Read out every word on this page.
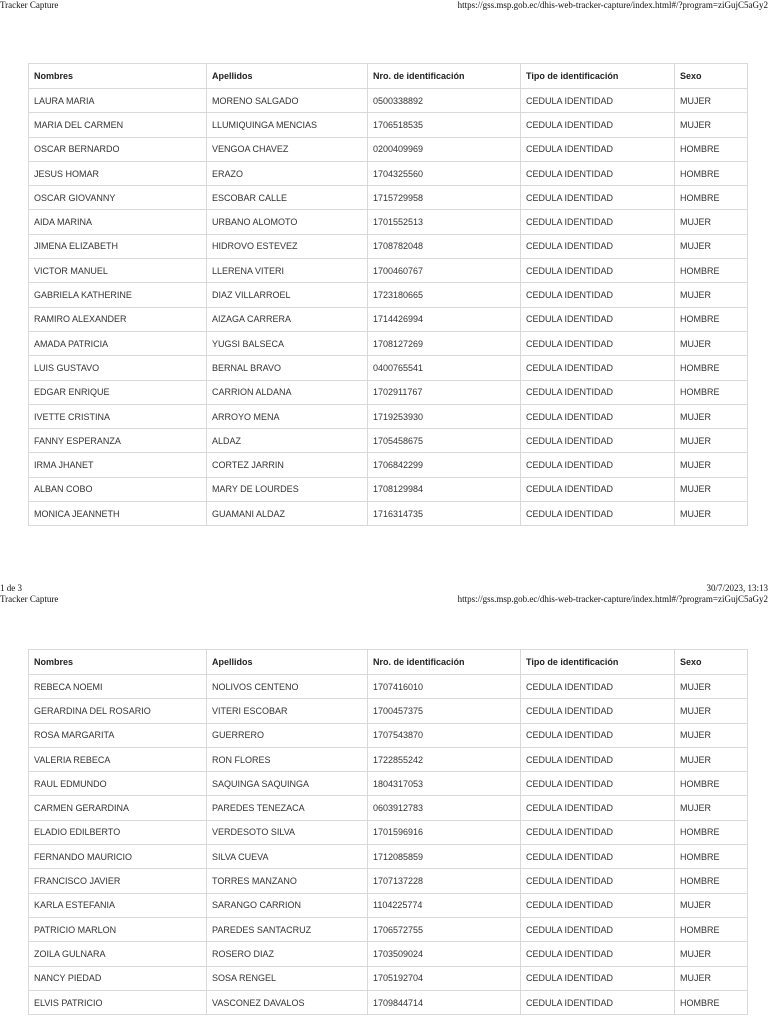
Tracker Capture	https://gss.msp.gob.ec/dhis-web-tracker-capture/index.html#/?program=ziGujC5aGy2
Nombres	Apellidos	Nro. de identificación	Tipo de identificación	Sexo
LAURA MARIA	MORENO SALGADO	0500338892	CEDULA IDENTIDAD	MUJER
MARIA DEL CARMEN	LLUMIQUINGA MENCIAS	1706518535	CEDULA IDENTIDAD	MUJER
OSCAR BERNARDO	VENGOA CHAVEZ	0200409969	CEDULA IDENTIDAD	HOMBRE
JESUS HOMAR	ERAZO	1704325560	CEDULA IDENTIDAD	HOMBRE
OSCAR GIOVANNY	ESCOBAR CALLE	1715729958	CEDULA IDENTIDAD	HOMBRE
AIDA MARINA	URBANO ALOMOTO	1701552513	CEDULA IDENTIDAD	MUJER
JIMENA ELIZABETH	HIDROVO ESTEVEZ	1708782048	CEDULA IDENTIDAD	MUJER
VICTOR MANUEL	LLERENA VITERI	1700460767	CEDULA IDENTIDAD	HOMBRE
GABRIELA KATHERINE	DIAZ VILLARROEL	1723180665	CEDULA IDENTIDAD	MUJER
RAMIRO ALEXANDER	AIZAGA CARRERA	1714426994	CEDULA IDENTIDAD	HOMBRE
AMADA PATRICIA	YUGSI BALSECA	1708127269	CEDULA IDENTIDAD	MUJER
LUIS GUSTAVO	BERNAL BRAVO	0400765541	CEDULA IDENTIDAD	HOMBRE
EDGAR ENRIQUE	CARRION ALDANA	1702911767	CEDULA IDENTIDAD	HOMBRE
IVETTE CRISTINA	ARROYO MENA	1719253930	CEDULA IDENTIDAD	MUJER
FANNY ESPERANZA	ALDAZ	1705458675	CEDULA IDENTIDAD	MUJER
IRMA JHANET	CORTEZ JARRIN	1706842299	CEDULA IDENTIDAD	MUJER
ALBAN COBO	MARY DE LOURDES	1708129984	CEDULA IDENTIDAD	MUJER
MONICA JEANNETH	GUAMANI ALDAZ	1716314735	CEDULA IDENTIDAD	MUJER
1 de 3	30/7/2023, 13:13
Tracker Capture	https://gss.msp.gob.ec/dhis-web-tracker-capture/index.html#/?program=ziGujC5aGy2
Nombres	Apellidos	Nro. de identificación	Tipo de identificación	Sexo
REBECA NOEMI	NOLIVOS CENTENO	1707416010	CEDULA IDENTIDAD	MUJER
GERARDINA DEL ROSARIO	VITERI ESCOBAR	1700457375	CEDULA IDENTIDAD	MUJER
ROSA MARGARITA	GUERRERO	1707543870	CEDULA IDENTIDAD	MUJER
VALERIA REBECA	RON FLORES	1722855242	CEDULA IDENTIDAD	MUJER
RAUL EDMUNDO	SAQUINGA SAQUINGA	1804317053	CEDULA IDENTIDAD	HOMBRE
CARMEN GERARDINA	PAREDES TENEZACA	0603912783	CEDULA IDENTIDAD	MUJER
ELADIO EDILBERTO	VERDESOTO SILVA	1701596916	CEDULA IDENTIDAD	HOMBRE
FERNANDO MAURICIO	SILVA CUEVA	1712085859	CEDULA IDENTIDAD	HOMBRE
FRANCISCO JAVIER	TORRES MANZANO	1707137228	CEDULA IDENTIDAD	HOMBRE
KARLA ESTEFANIA	SARANGO CARRION	1104225774	CEDULA IDENTIDAD	MUJER
PATRICIO MARLON	PAREDES SANTACRUZ	1706572755	CEDULA IDENTIDAD	HOMBRE
ZOILA GULNARA	ROSERO DIAZ	1703509024	CEDULA IDENTIDAD	MUJER
NANCY PIEDAD	SOSA RENGEL	1705192704	CEDULA IDENTIDAD	MUJER
ELVIS PATRICIO	VASCONEZ DAVALOS	1709844714	CEDULA IDENTIDAD	HOMBRE
